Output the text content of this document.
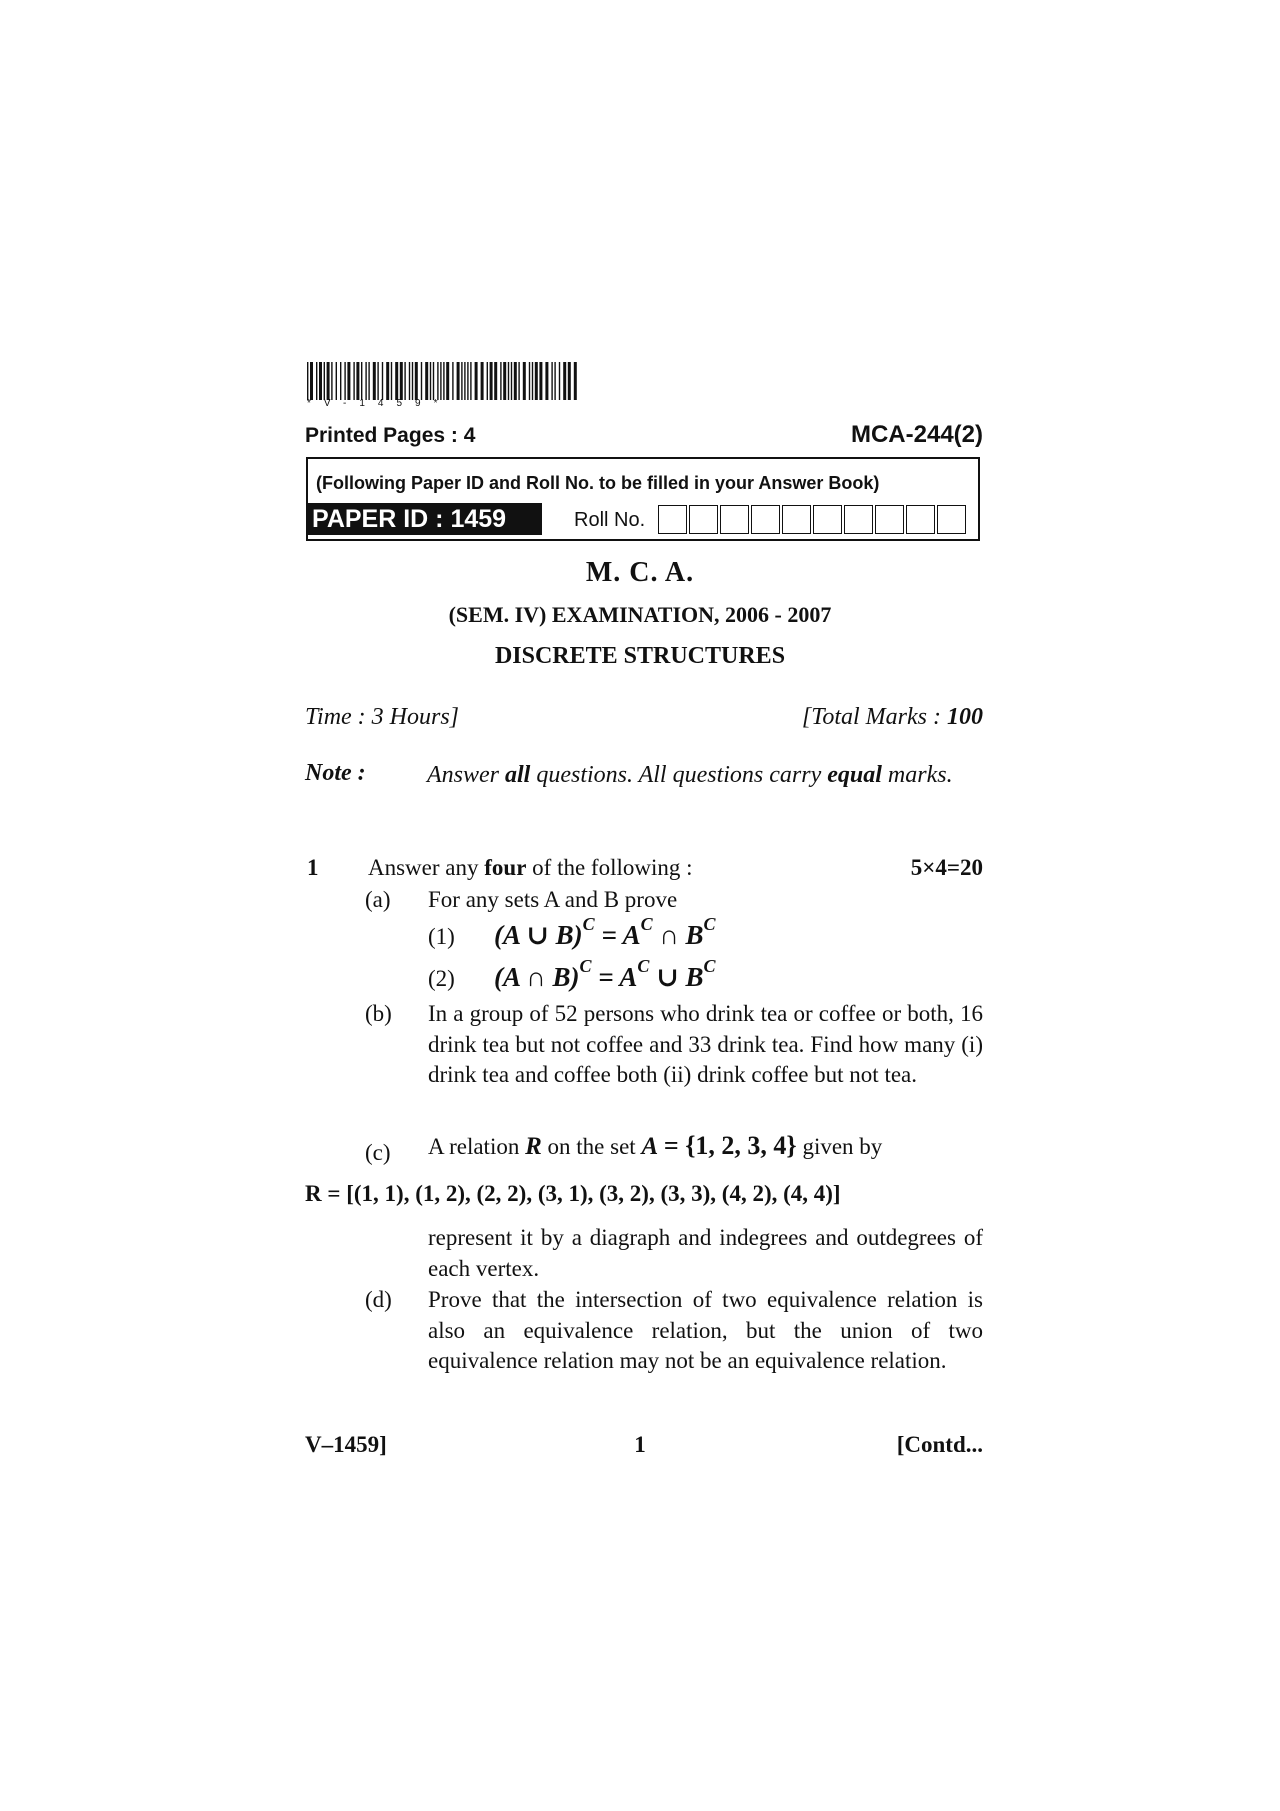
*V-1459*
Printed Pages : 4	MCA-244(2)
(Following Paper ID and Roll No. to be filled in your Answer Book)
PAPER ID : 1459	Roll No.
M. C. A.
(SEM. IV) EXAMINATION, 2006 - 2007
DISCRETE STRUCTURES
Time : 3 Hours]	[Total Marks : 100
Note :	Answer all questions. All questions carry equal marks.
1 Answer any four of the following :	5×4=20
(a) For any sets A and B prove
(1) (A ∪ $B)^C = A^C$ ∩ $B^C$
(2) (A ∩ $B)^C = A^C$ ∪ $B^C$
(b) In a group of 52 persons who drink tea or coffee or both, 16 drink tea but not coffee and 33 drink tea. Find how many (i) drink tea and coffee both (ii) drink coffee but not tea.
(c) A relation R on the set A = {1, 2, 3, 4} given by
R = [(1, 1), (1, 2), (2, 2), (3, 1), (3, 2), (3, 3), (4, 2), (4, 4)]
represent it by a diagraph and indegrees and outdegrees of each vertex.
(d) Prove that the intersection of two equivalence relation is also an equivalence relation, but the union of two equivalence relation may not be an equivalence relation.
V–1459]	1	[Contd...
